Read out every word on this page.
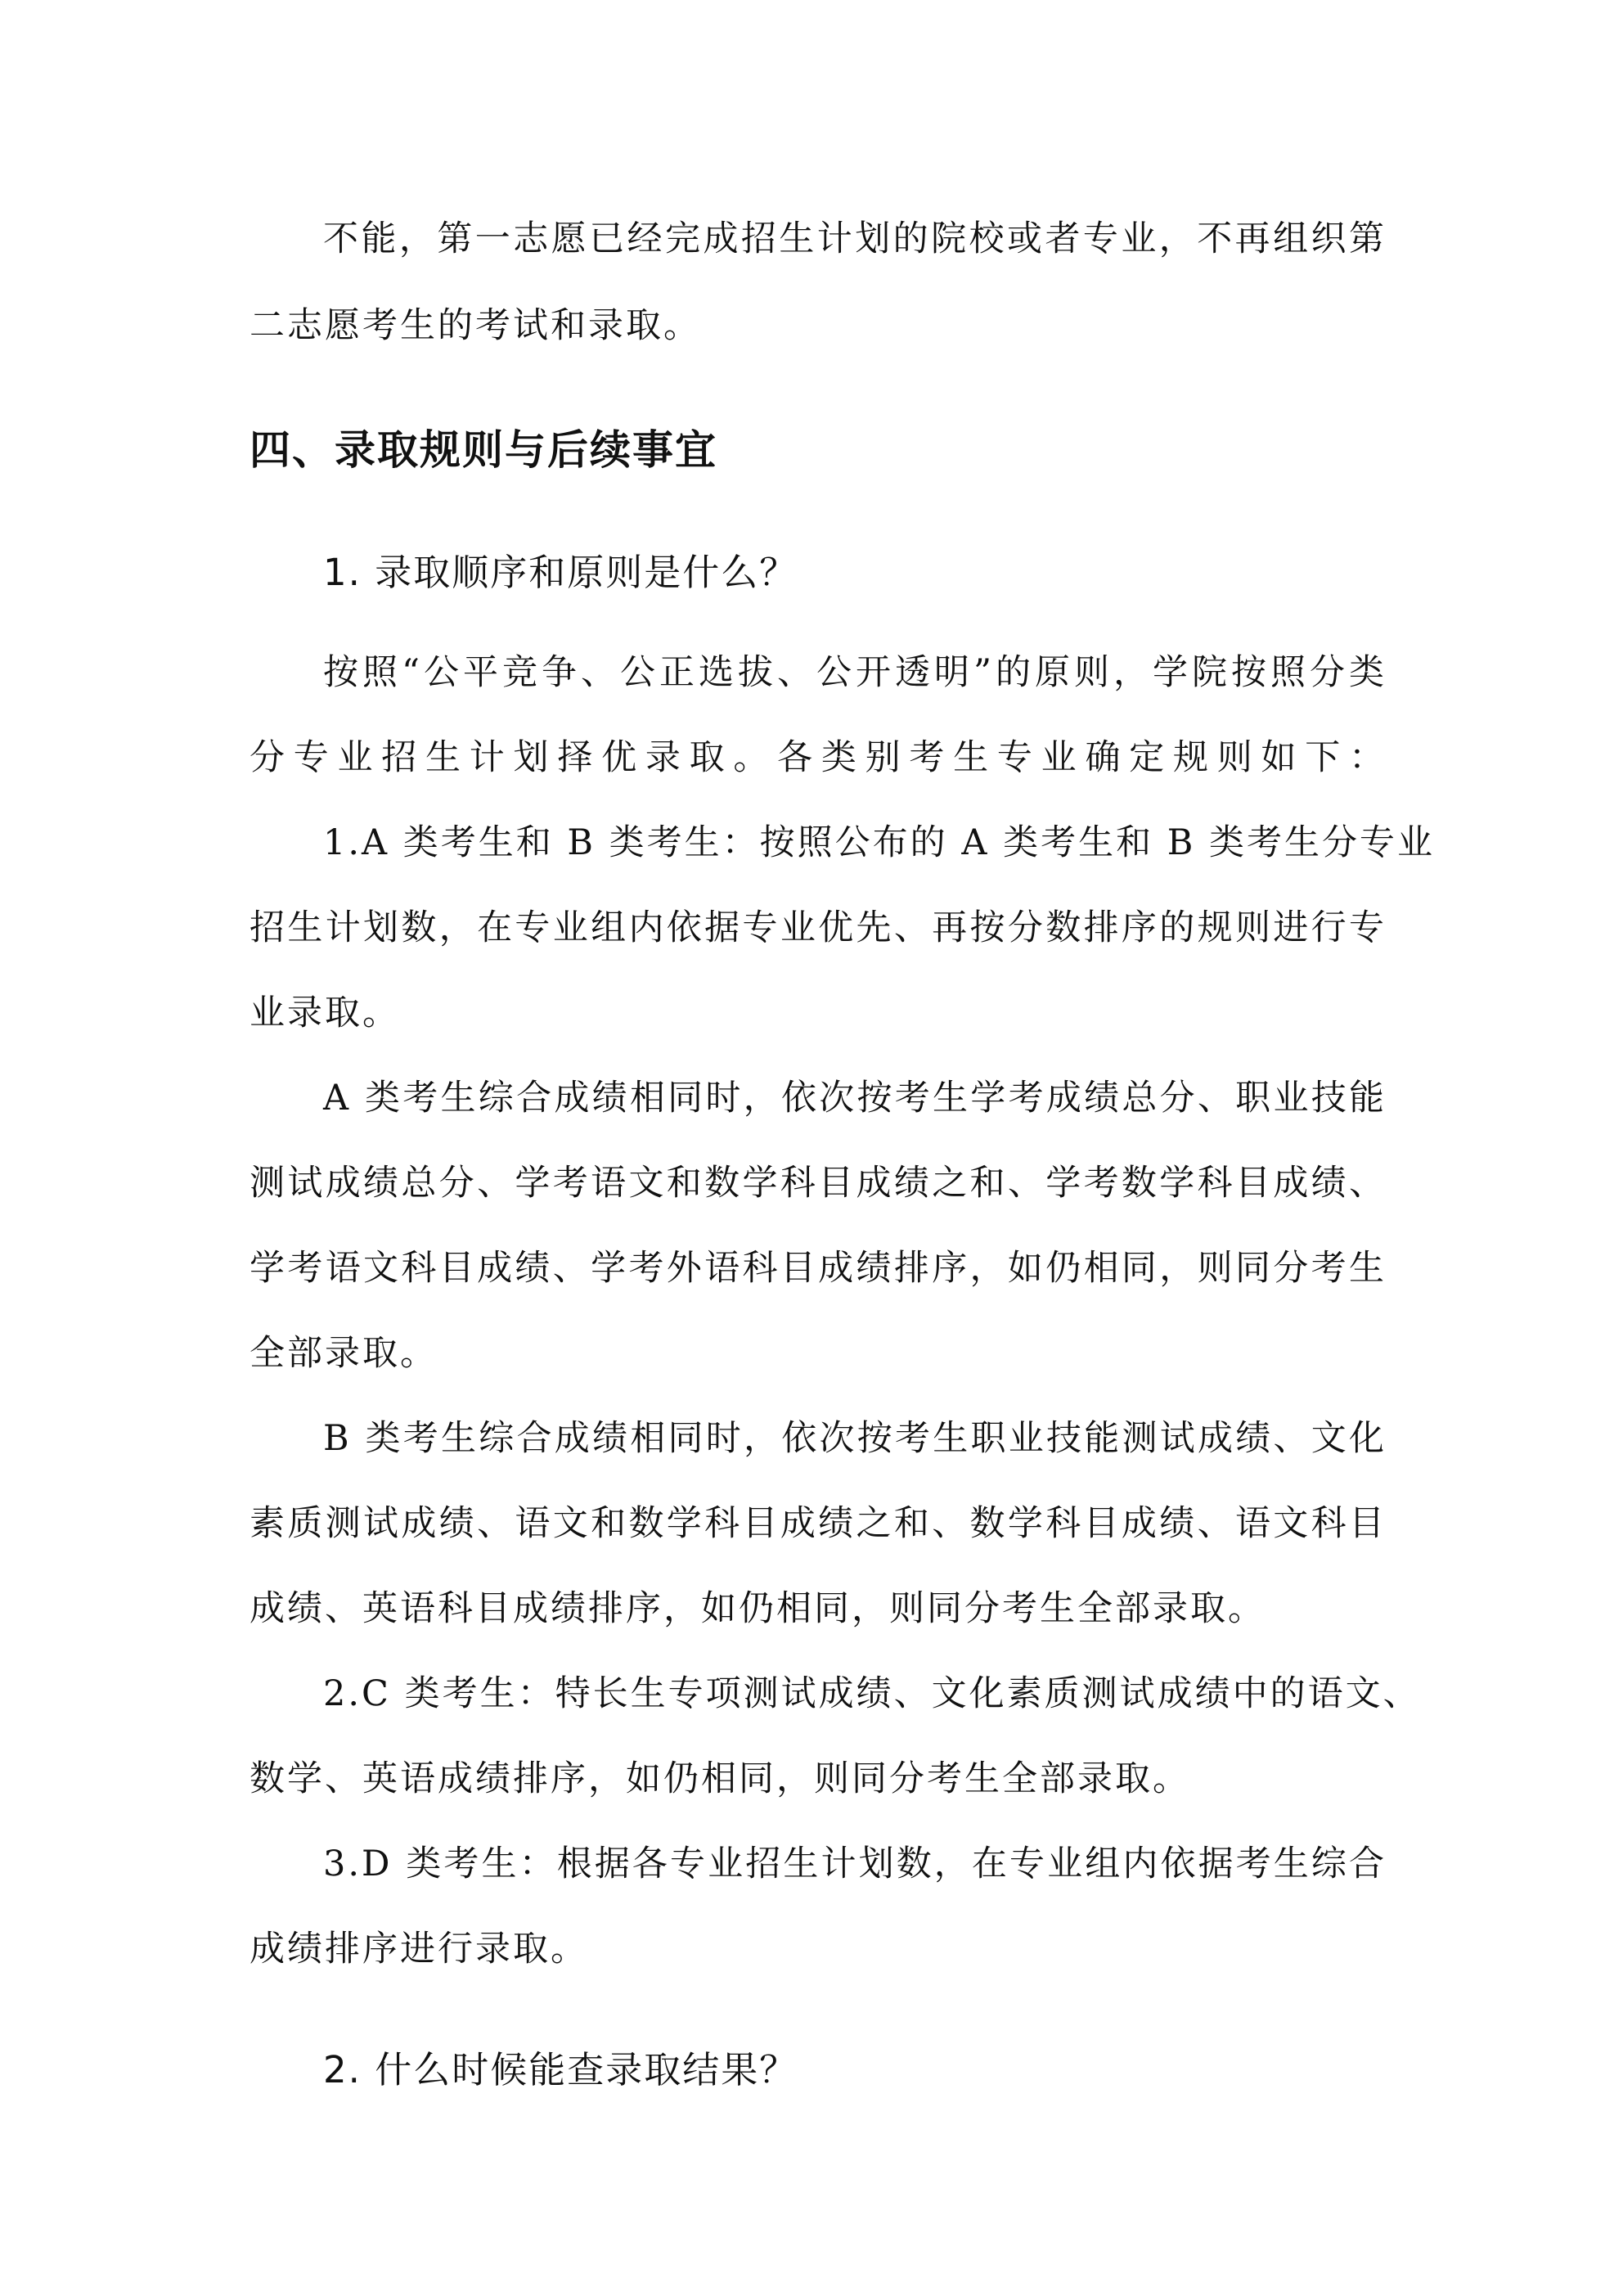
不能，第一志愿已经完成招生计划的院校或者专业，不再组织第
二志愿考生的考试和录取。
四、录取规则与后续事宜
1. 录取顺序和原则是什么？
按照“公平竞争、公正选拔、公开透明”的原则，学院按照分类
分专业招生计划择优录取。各类别考生专业确定规则如下：
1.A 类考生和 B 类考生：按照公布的 A 类考生和 B 类考生分专业
招生计划数，在专业组内依据专业优先、再按分数排序的规则进行专
业录取。
A 类考生综合成绩相同时，依次按考生学考成绩总分、职业技能
测试成绩总分、学考语文和数学科目成绩之和、学考数学科目成绩、
学考语文科目成绩、学考外语科目成绩排序，如仍相同，则同分考生
全部录取。
B 类考生综合成绩相同时，依次按考生职业技能测试成绩、文化
素质测试成绩、语文和数学科目成绩之和、数学科目成绩、语文科目
成绩、英语科目成绩排序，如仍相同，则同分考生全部录取。
2.C 类考生：特长生专项测试成绩、文化素质测试成绩中的语文、
数学、英语成绩排序，如仍相同，则同分考生全部录取。
3.D 类考生：根据各专业招生计划数，在专业组内依据考生综合
成绩排序进行录取。
2. 什么时候能查录取结果？
